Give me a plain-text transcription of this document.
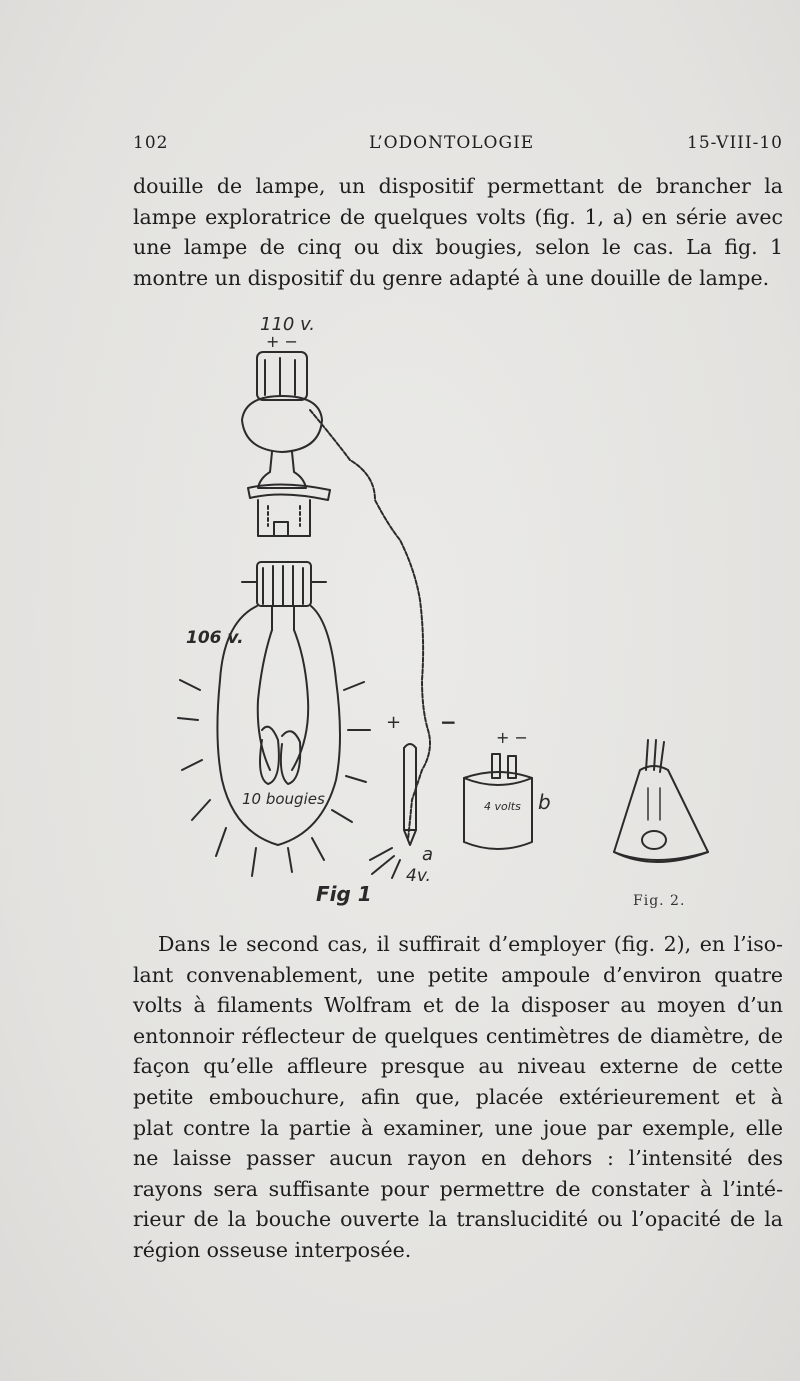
102	L’ODONTOLOGIE	15-VIII-10
douille de lampe, un dispositif permettant de brancher la
lampe exploratrice de quelques volts (fig. 1, a) en série avec
une lampe de cinq ou dix bougies, selon le cas. La fig. 1
montre un dispositif du genre adapté à une douille de lampe.
110 v.
+ −
106 v.
10 bougies
Fig 1
+ −
a
4v.
+ −
4 volts b
Fig. 2.
Dans le second cas, il suffirait d’employer (fig. 2), en l’iso-
lant convenablement, une petite ampoule d’environ quatre
volts à filaments Wolfram et de la disposer au moyen d’un
entonnoir réflecteur de quelques centimètres de diamètre, de
façon qu’elle affleure presque au niveau externe de cette
petite embouchure, afin que, placée extérieurement et à
plat contre la partie à examiner, une joue par exemple, elle
ne laisse passer aucun rayon en dehors : l’intensité des
rayons sera suffisante pour permettre de constater à l’inté-
rieur de la bouche ouverte la translucidité ou l’opacité de la
région osseuse interposée.
